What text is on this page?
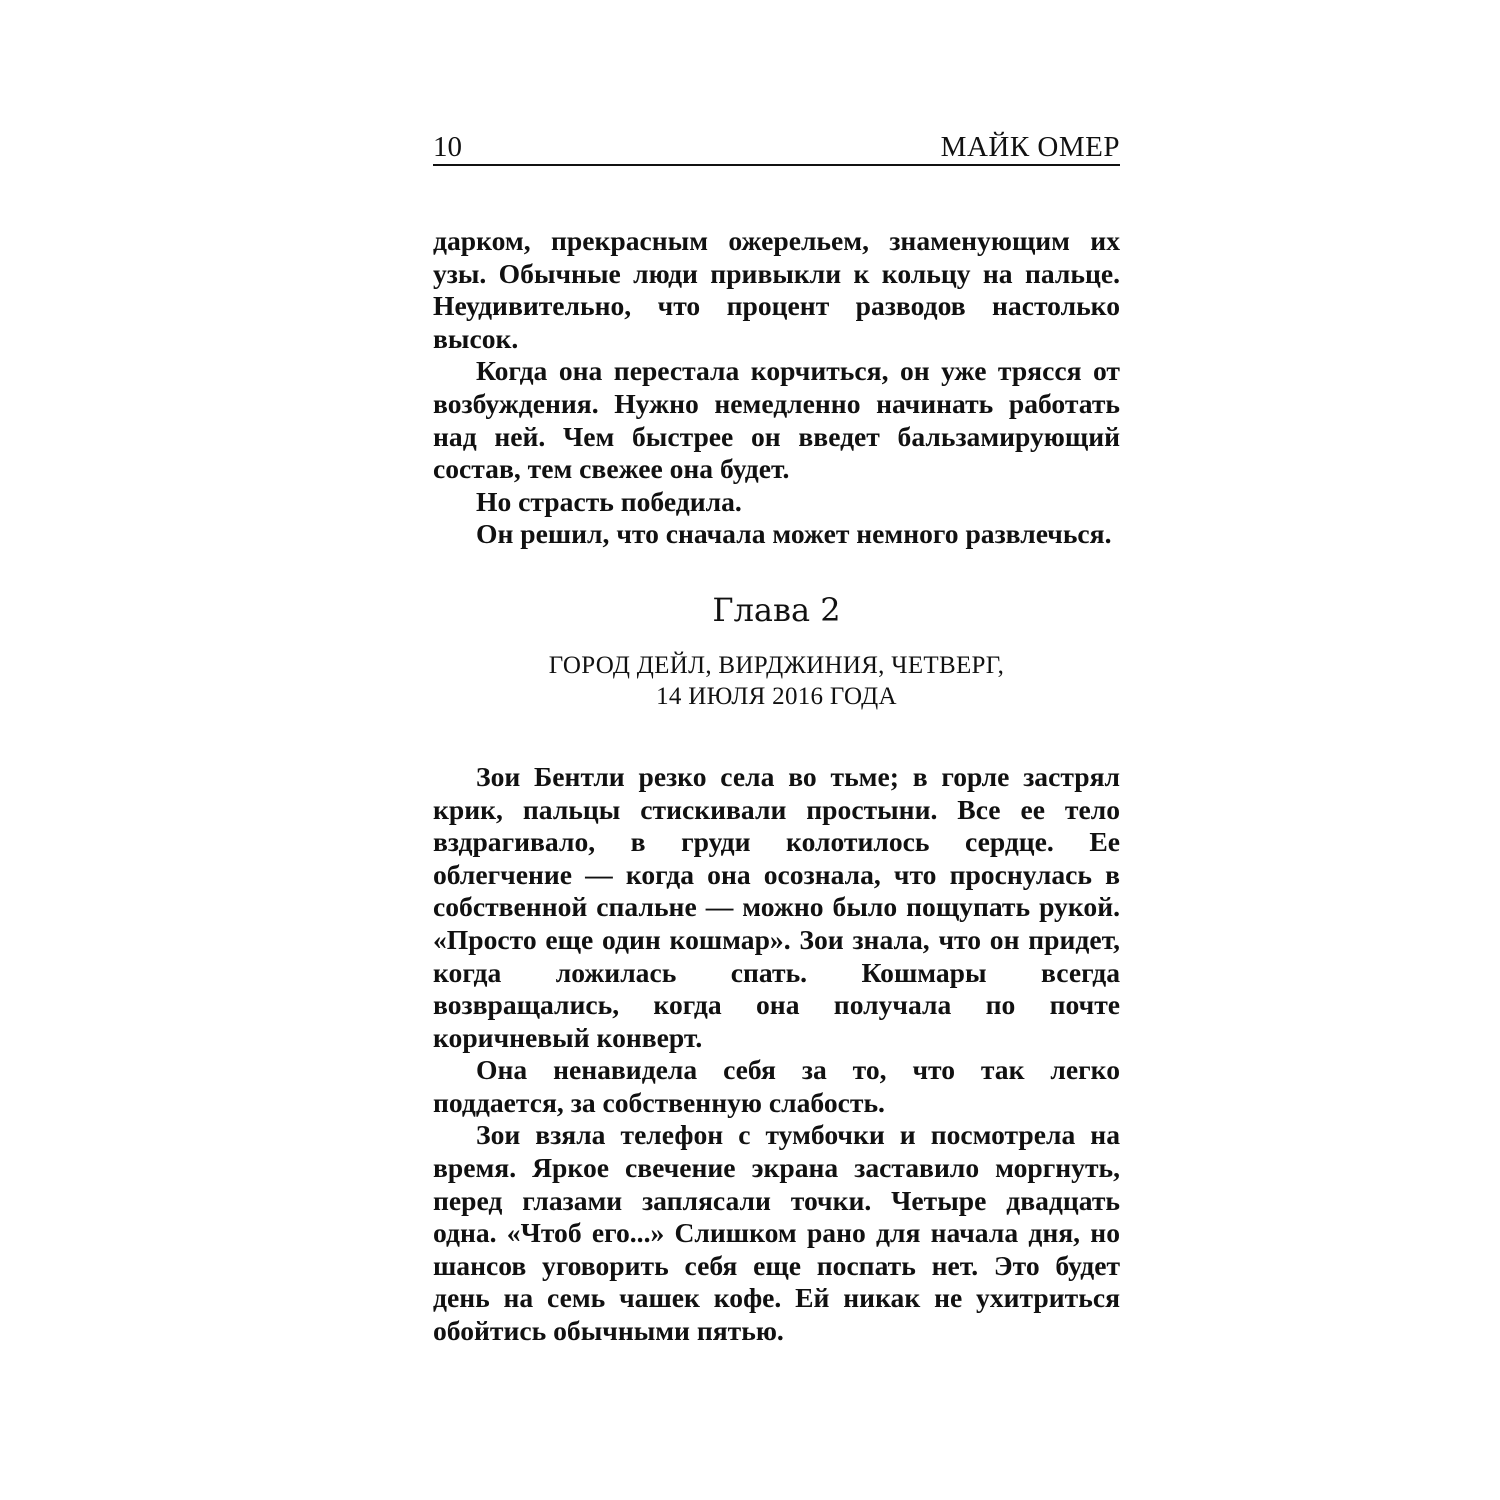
10	МАЙК ОМЕР

дарком, прекрасным ожерельем, знаменующим их узы. Обычные люди привыкли к кольцу на пальце. Неудивительно, что процент разводов настолько высок.

Когда она перестала корчиться, он уже трясся от возбуждения. Нужно немедленно начинать работать над ней. Чем быстрее он введет бальзамирующий состав, тем свежее она будет.

Но страсть победила.

Он решил, что сначала может немного развлечься.

Глава 2
ГОРОД ДЕЙЛ, ВИРДЖИНИЯ, ЧЕТВЕРГ,
14 ИЮЛЯ 2016 ГОДА

Зои Бентли резко села во тьме; в горле застрял крик, пальцы стискивали простыни. Все ее тело вздрагивало, в груди колотилось сердце. Ее облегчение — когда она осознала, что проснулась в собственной спальне — можно было пощупать рукой. «Просто еще один кошмар». Зои знала, что он придет, когда ложилась спать. Кошмары всегда возвращались, когда она получала по почте коричневый конверт.

Она ненавидела себя за то, что так легко поддается, за собственную слабость.

Зои взяла телефон с тумбочки и посмотрела на время. Яркое свечение экрана заставило моргнуть, перед глазами заплясали точки. Четыре двадцать одна. «Чтоб его...» Слишком рано для начала дня, но шансов уговорить себя еще поспать нет. Это будет день на семь чашек кофе. Ей никак не ухитриться обойтись обычными пятью.
